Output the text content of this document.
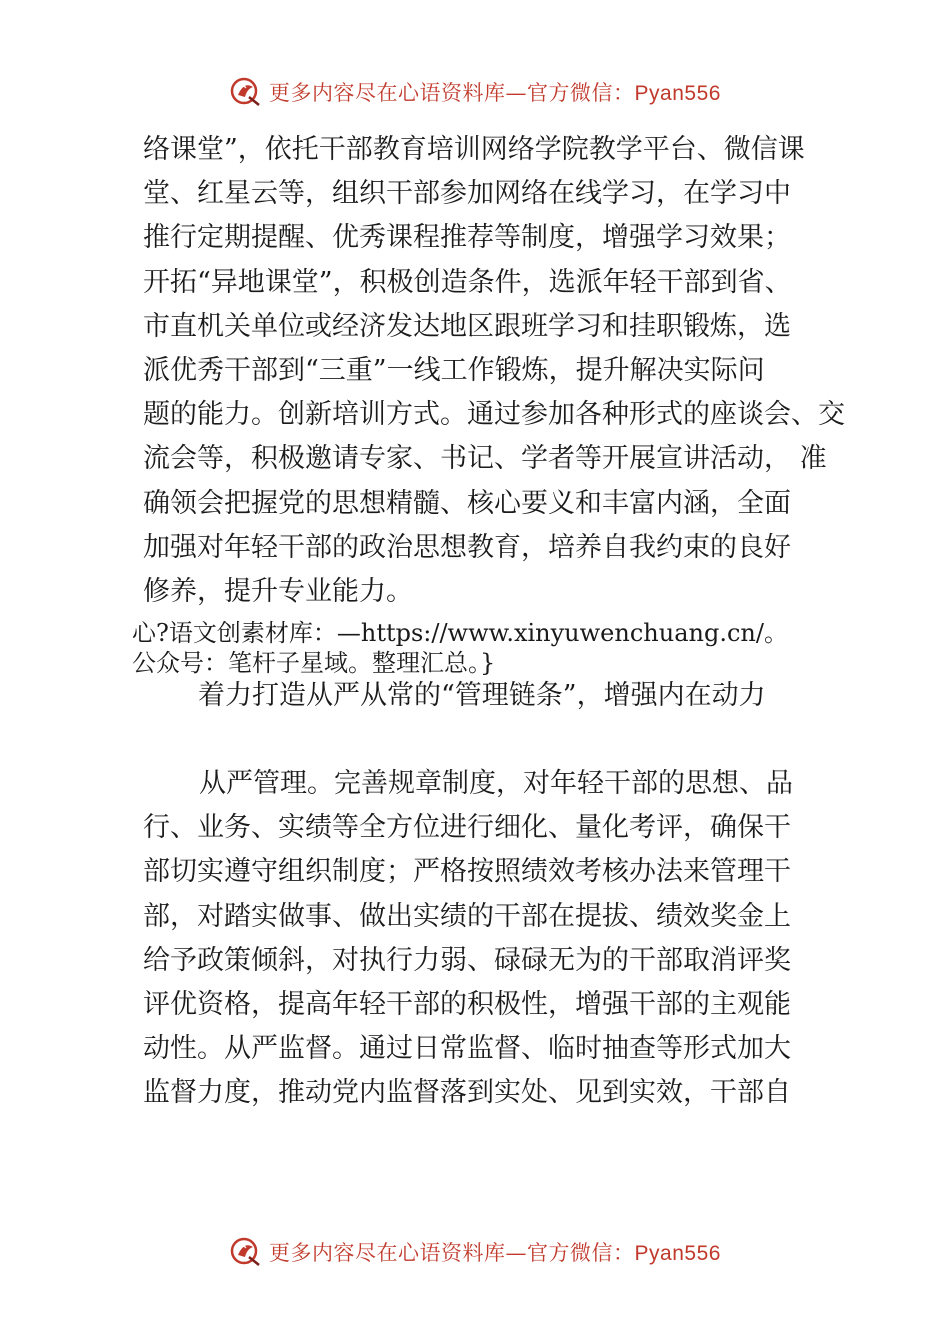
更多内容尽在心语资料库—官方微信：Pyan556
络课堂”，依托干部教育培训网络学院教学平台、微信课
堂、红星云等，组织干部参加网络在线学习，在学习中
推行定期提醒、优秀课程推荐等制度，增强学习效果；
开拓“异地课堂”，积极创造条件，选派年轻干部到省、
市直机关单位或经济发达地区跟班学习和挂职锻炼，选
派优秀干部到“三重”一线工作锻炼，提升解决实际问
题的能力。创新培训方式。通过参加各种形式的座谈会、交
流会等，积极邀请专家、书记、学者等开展宣讲活动， 准
确领会把握党的思想精髓、核心要义和丰富内涵，全面
加强对年轻干部的政治思想教育，培养自我约束的良好
修养，提升专业能力。
心?语文创素材库：—https://www.xinyuwenchuang.cn/。
公众号：笔杆子星域。整理汇总。}
着力打造从严从常的“管理链条”，增强内在动力
从严管理。完善规章制度，对年轻干部的思想、品
行、业务、实绩等全方位进行细化、量化考评，确保干
部切实遵守组织制度；严格按照绩效考核办法来管理干
部，对踏实做事、做出实绩的干部在提拔、绩效奖金上
给予政策倾斜，对执行力弱、碌碌无为的干部取消评奖
评优资格，提高年轻干部的积极性，增强干部的主观能
动性。从严监督。通过日常监督、临时抽查等形式加大
监督力度，推动党内监督落到实处、见到实效，干部自
更多内容尽在心语资料库—官方微信：Pyan556
